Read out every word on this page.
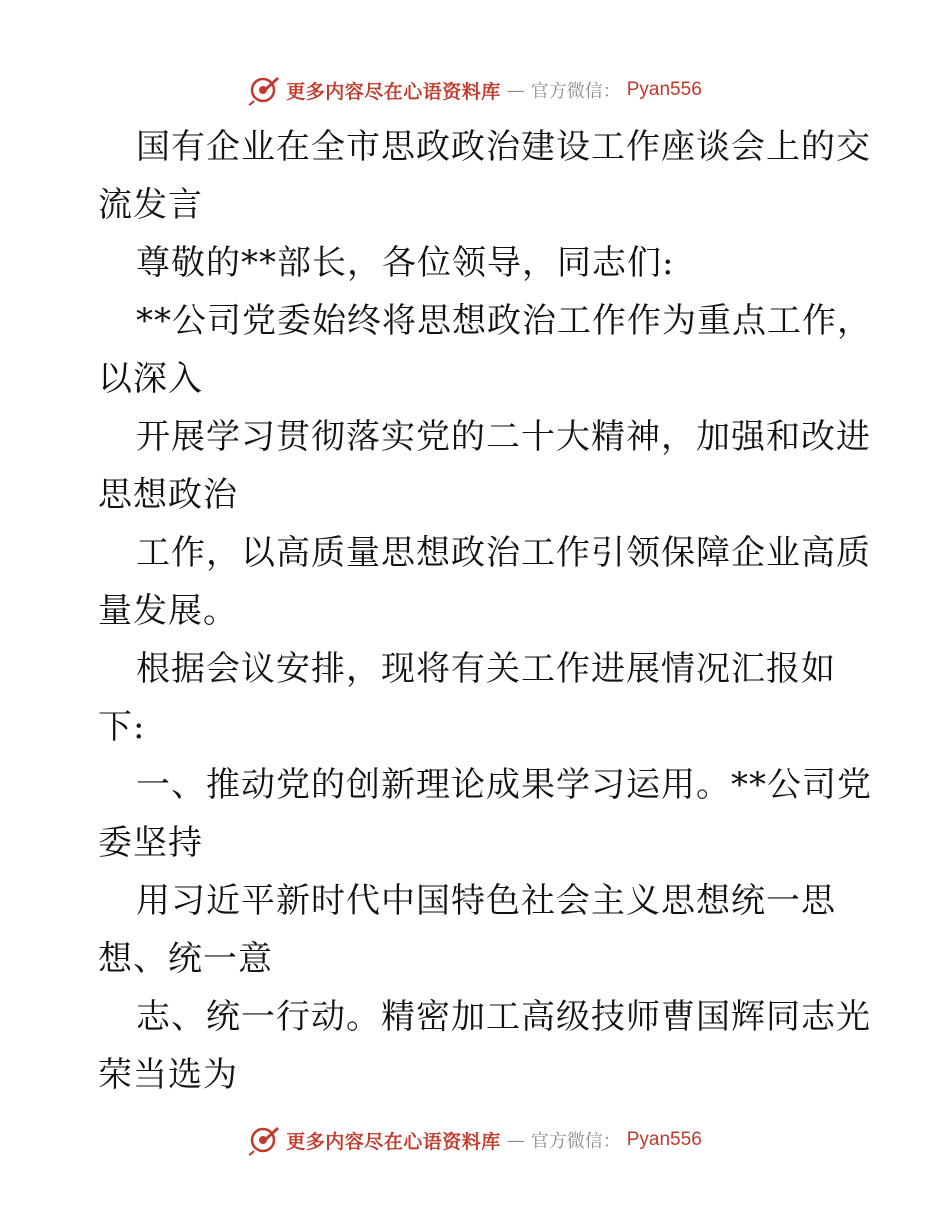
更多内容尽在心语资料库 — 官方微信： Pyan556
国有企业在全市思政政治建设工作座谈会上的交
流发言
尊敬的**部长，各位领导，同志们:
**公司党委始终将思想政治工作作为重点工作，
以深入
开展学习贯彻落实党的二十大精神，加强和改进
思想政治
工作，以高质量思想政治工作引领保障企业高质
量发展。
根据会议安排，现将有关工作进展情况汇报如
下:
一、推动党的创新理论成果学习运用。**公司党
委坚持
用习近平新时代中国特色社会主义思想统一思
想、统一意
志、统一行动。精密加工高级技师曹国辉同志光
荣当选为
更多内容尽在心语资料库 — 官方微信： Pyan556
